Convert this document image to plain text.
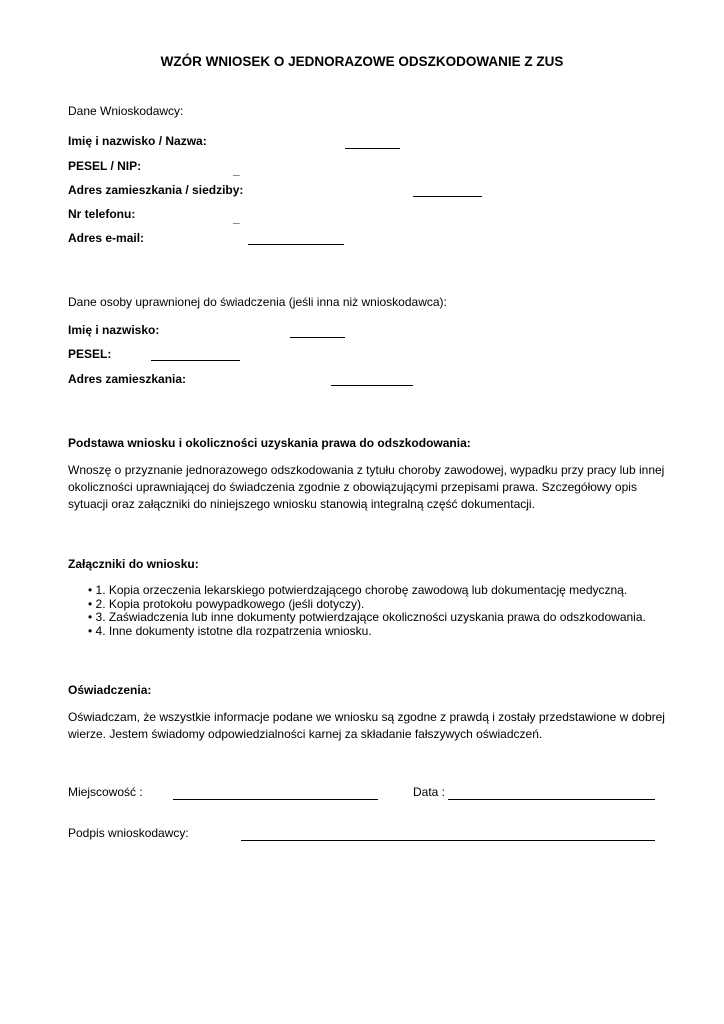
WZÓR WNIOSEK O JEDNORAZOWE ODSZKODOWANIE Z ZUS
Dane Wnioskodawcy:
Imię i nazwisko / Nazwa:
PESEL / NIP:	_
Adres zamieszkania / siedziby:
Nr telefonu:	_
Adres e-mail:
Dane osoby uprawnionej do świadczenia (jeśli inna niż wnioskodawca):
Imię i nazwisko:
PESEL:
Adres zamieszkania:
Podstawa wniosku i okoliczności uzyskania prawa do odszkodowania:
Wnoszę o przyznanie jednorazowego odszkodowania z tytułu choroby zawodowej, wypadku przy pracy lub innej okoliczności uprawniającej do świadczenia zgodnie z obowiązującymi przepisami prawa. Szczegółowy opis sytuacji oraz załączniki do niniejszego wniosku stanowią integralną część dokumentacji.
Załączniki do wniosku:
• 1. Kopia orzeczenia lekarskiego potwierdzającego chorobę zawodową lub dokumentację medyczną.
• 2. Kopia protokołu powypadkowego (jeśli dotyczy).
• 3. Zaświadczenia lub inne dokumenty potwierdzające okoliczności uzyskania prawa do odszkodowania.
• 4. Inne dokumenty istotne dla rozpatrzenia wniosku.
Oświadczenia:
Oświadczam, że wszystkie informacje podane we wniosku są zgodne z prawdą i zostały przedstawione w dobrej wierze. Jestem świadomy odpowiedzialności karnej za składanie fałszywych oświadczeń.
Miejscowość :	Data :
Podpis wnioskodawcy:
